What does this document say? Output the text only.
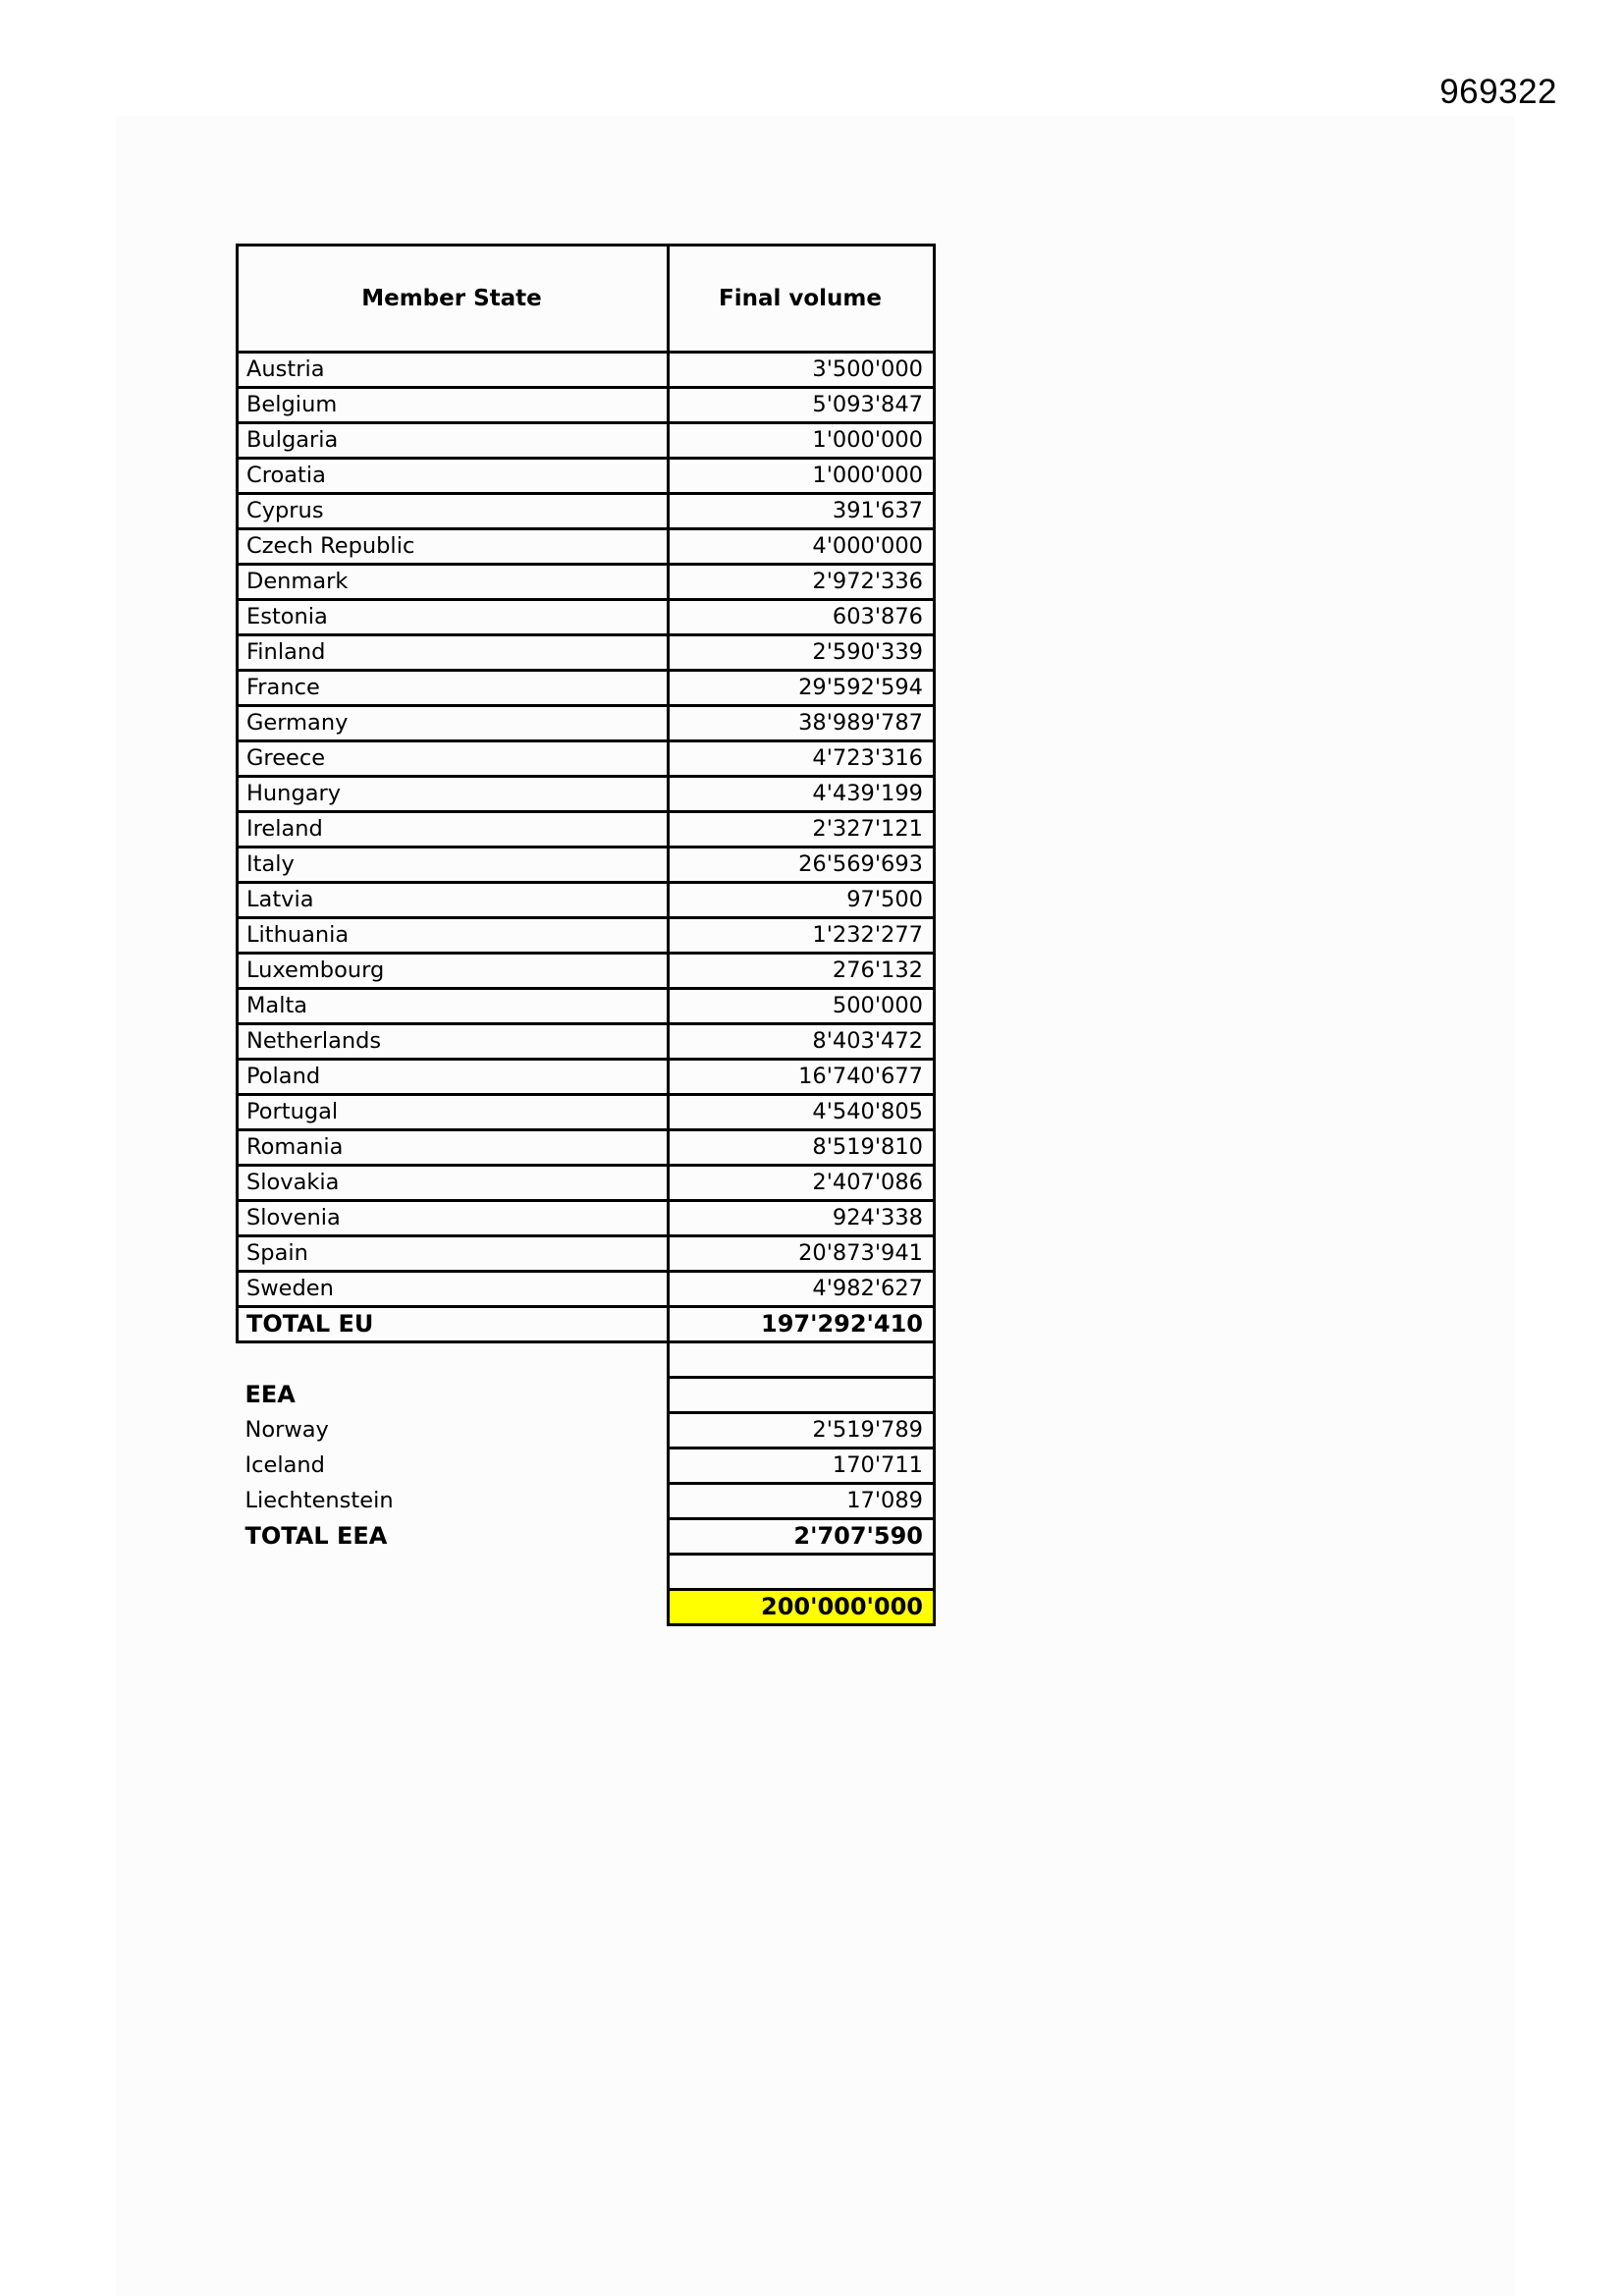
969322
Member State	Final volume
Austria	3'500'000
Belgium	5'093'847
Bulgaria	1'000'000
Croatia	1'000'000
Cyprus	391'637
Czech Republic	4'000'000
Denmark	2'972'336
Estonia	603'876
Finland	2'590'339
France	29'592'594
Germany	38'989'787
Greece	4'723'316
Hungary	4'439'199
Ireland	2'327'121
Italy	26'569'693
Latvia	97'500
Lithuania	1'232'277
Luxembourg	276'132
Malta	500'000
Netherlands	8'403'472
Poland	16'740'677
Portugal	4'540'805
Romania	8'519'810
Slovakia	2'407'086
Slovenia	924'338
Spain	20'873'941
Sweden	4'982'627
TOTAL EU	197'292'410

EEA	
Norway	2'519'789
Iceland	170'711
Liechtenstein	17'089
TOTAL EEA	2'707'590

	200'000'000
